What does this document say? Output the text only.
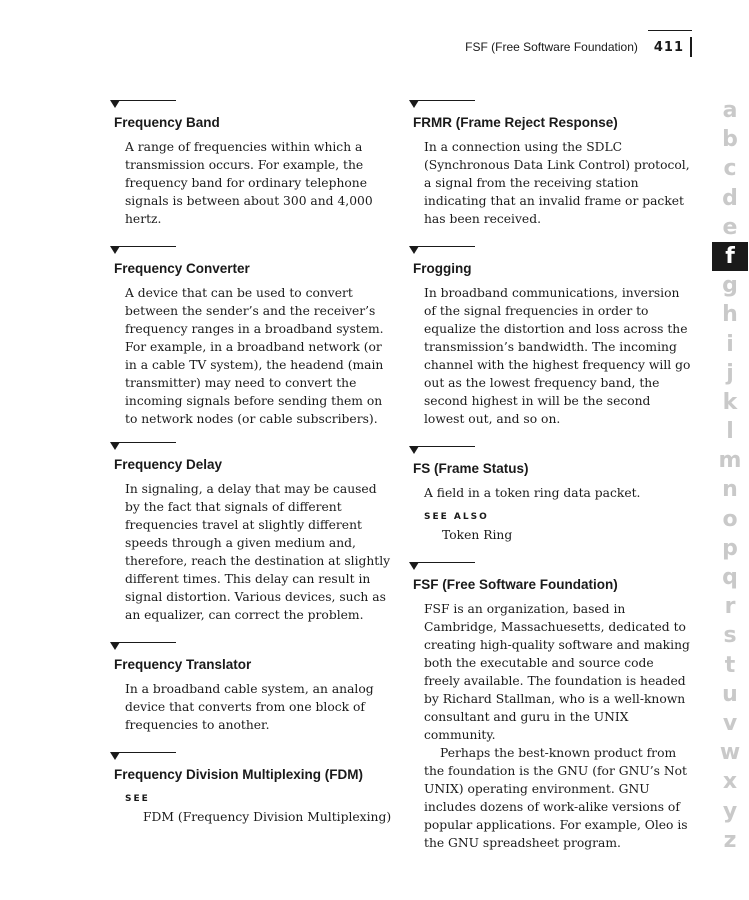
FSF (Free Software Foundation) 411
Frequency Band

A range of frequencies within which a transmission occurs. For example, the frequency band for ordinary telephone signals is between about 300 and 4,000 hertz.

Frequency Converter

A device that can be used to convert between the sender’s and the receiver’s frequency ranges in a broadband system. For example, in a broadband network (or in a cable TV system), the headend (main transmitter) may need to convert the incoming signals before sending them on to network nodes (or cable subscribers).

Frequency Delay

In signaling, a delay that may be caused by the fact that signals of different frequencies travel at slightly different speeds through a given medium and, therefore, reach the destination at slightly different times. This delay can result in signal distortion. Various devices, such as an equalizer, can correct the problem.

Frequency Translator

In a broadband cable system, an analog device that converts from one block of frequencies to another.

Frequency Division Multiplexing (FDM)
SEE
FDM (Frequency Division Multiplexing)
FRMR (Frame Reject Response)

In a connection using the SDLC (Synchronous Data Link Control) protocol, a signal from the receiving station indicating that an invalid frame or packet has been received.

Frogging

In broadband communications, inversion of the signal frequencies in order to equalize the distortion and loss across the transmission’s bandwidth. The incoming channel with the highest frequency will go out as the lowest frequency band, the second highest in will be the second lowest out, and so on.

FS (Frame Status)

A field in a token ring data packet.

SEE ALSO
Token Ring
FSF (Free Software Foundation)

FSF is an organization, based in Cambridge, Massachuesetts, dedicated to creating high-quality software and making both the executable and source code freely available. The foundation is headed by Richard Stallman, who is a well-known consultant and guru in the UNIX community.

Perhaps the best-known product from the foundation is the GNU (for GNU’s Not UNIX) operating environment. GNU includes dozens of work-alike versions of popular applications. For example, Oleo is the GNU spreadsheet program.

a
b
c
d
e
f
g
h
i
j
k
l
m
n
o
p
q
r
s
t
u
v
w
x
y
z
